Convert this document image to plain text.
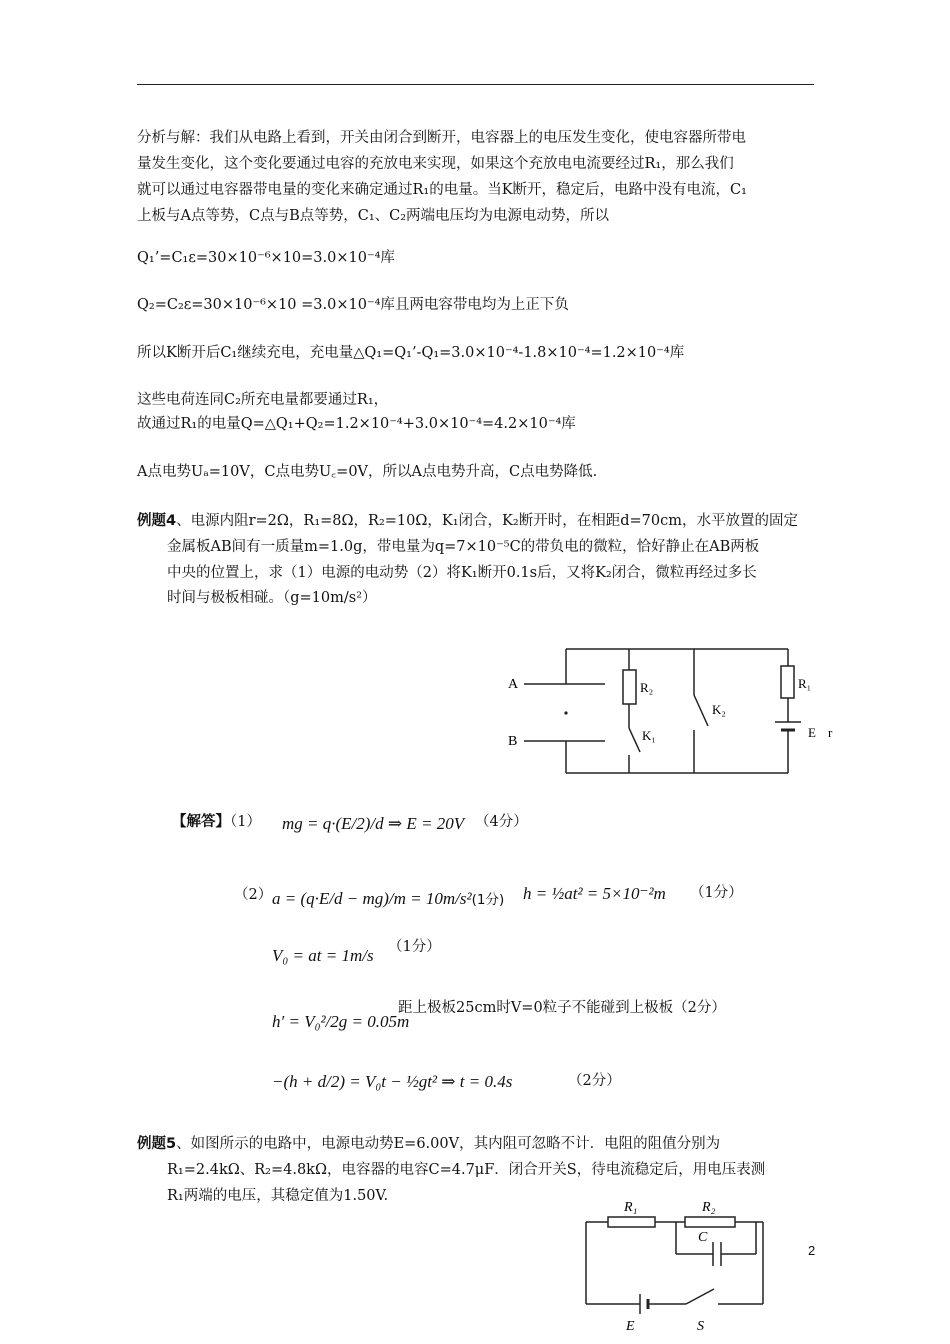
分析与解：我们从电路上看到，开关由闭合到断开，电容器上的电压发生变化，使电容器所带电
量发生变化，这个变化要通过电容的充放电来实现，如果这个充放电电流要经过R₁，那么我们
就可以通过电容器带电量的变化来确定通过R₁的电量。当K断开，稳定后，电路中没有电流，C₁
上板与A点等势，C点与B点等势，C₁、C₂两端电压均为电源电动势，所以
Q₁’=C₁ε=30×10⁻⁶×10=3.0×10⁻⁴库
Q₂=C₂ε=30×10⁻⁶×10 =3.0×10⁻⁴库且两电容带电均为上正下负
所以K断开后C₁继续充电，充电量△Q₁=Q₁’-Q₁=3.0×10⁻⁴-1.8×10⁻⁴=1.2×10⁻⁴库
这些电荷连同C₂所充电量都要通过R₁，
故通过R₁的电量Q=△Q₁+Q₂=1.2×10⁻⁴+3.0×10⁻⁴=4.2×10⁻⁴库
A点电势Uₐ=10V，C点电势U꜀=0V，所以A点电势升高，C点电势降低.
例题4、电源内阻r=2Ω，R₁=8Ω，R₂=10Ω，K₁闭合，K₂断开时，在相距d=70cm，水平放置的固定
金属板AB间有一质量m=1.0g，带电量为q=7×10⁻⁵C的带负电的微粒，恰好静止在AB两板
中央的位置上，求（1）电源的电动势（2）将K₁断开0.1s后，又将K₂闭合，微粒再经过多长
时间与极板相碰。（g=10m/s²）
A
B
R₂
K₁
K₂
R₁
E r
【解答】（1） mg = q·(E/2)/d ⇒ E = 20V （4分）
（2） a = (q·E/d − mg)/m = 10m/s²(1分) h = ½at² = 5×10⁻²m （1分）
V₀ = at = 1m/s （1分）
h′ = V₀²/2g = 0.05m
距上极板25cm时V=0粒子不能碰到上极板（2分）
−(h + d/2) = V₀t − ½gt² ⇒ t = 0.4s	（2分）
例题5、如图所示的电路中，电源电动势E=6.00V，其内阻可忽略不计．电阻的阻值分别为
R₁=2.4kΩ、R₂=4.8kΩ，电容器的电容C=4.7μF．闭合开关S，待电流稳定后，用电压表测
R₁两端的电压，其稳定值为1.50V.
R₁	R₂
C
E	S
2
